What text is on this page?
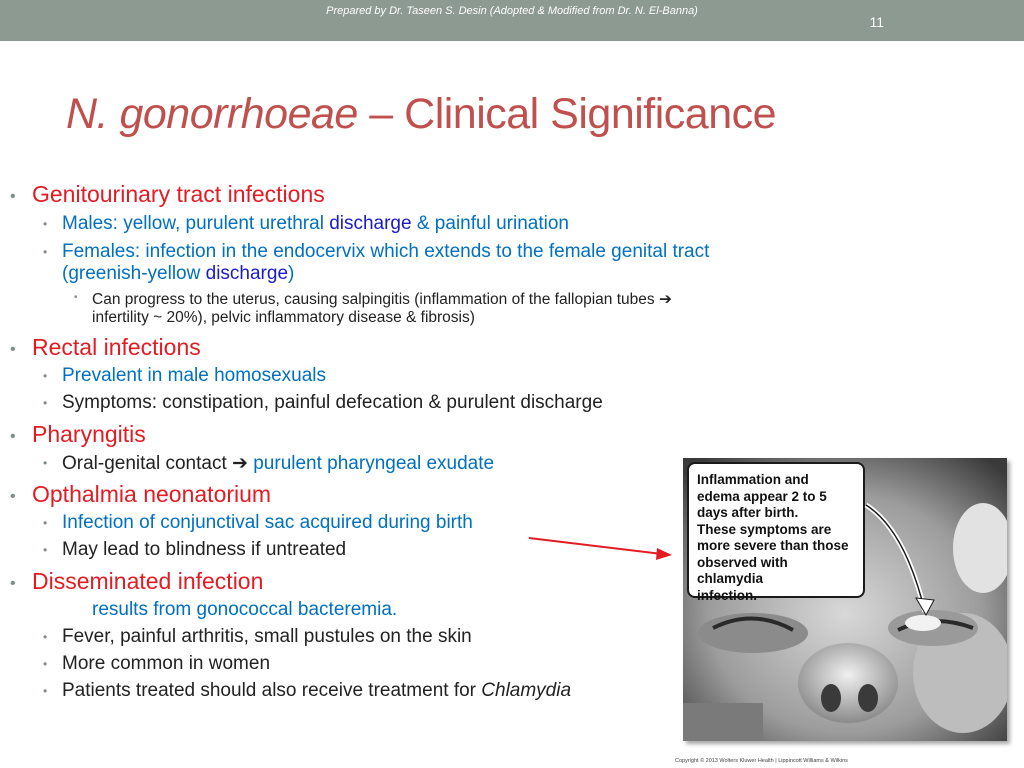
Prepared by Dr. Taseen S. Desin (Adopted & Modified from Dr. N. El-Banna)
11
N. gonorrhoeae – Clinical Significance
• Genitourinary tract infections
• Males: yellow, purulent urethral discharge & painful urination
• Females: infection in the endocervix which extends to the female genital tract
(greenish-yellow discharge)
• Can progress to the uterus, causing salpingitis (inflammation of the fallopian tubes ➔
infertility ~ 20%), pelvic inflammatory disease & fibrosis)
• Rectal infections
• Prevalent in male homosexuals
• Symptoms: constipation, painful defecation & purulent discharge
• Pharyngitis
• Oral-genital contact ➔ purulent pharyngeal exudate
• Opthalmia neonatorium
• Infection of conjunctival sac acquired during birth
• May lead to blindness if untreated
• Disseminated infection
results from gonococcal bacteremia.
• Fever, painful arthritis, small pustules on the skin
• More common in women
• Patients treated should also receive treatment for Chlamydia
Inflammation and
edema appear 2 to 5
days after birth.
These symptoms are
more severe than those
observed with chlamydia
infection.
Copyright © 2013 Wolters Kluwer Health | Lippincott Williams & Wilkins
